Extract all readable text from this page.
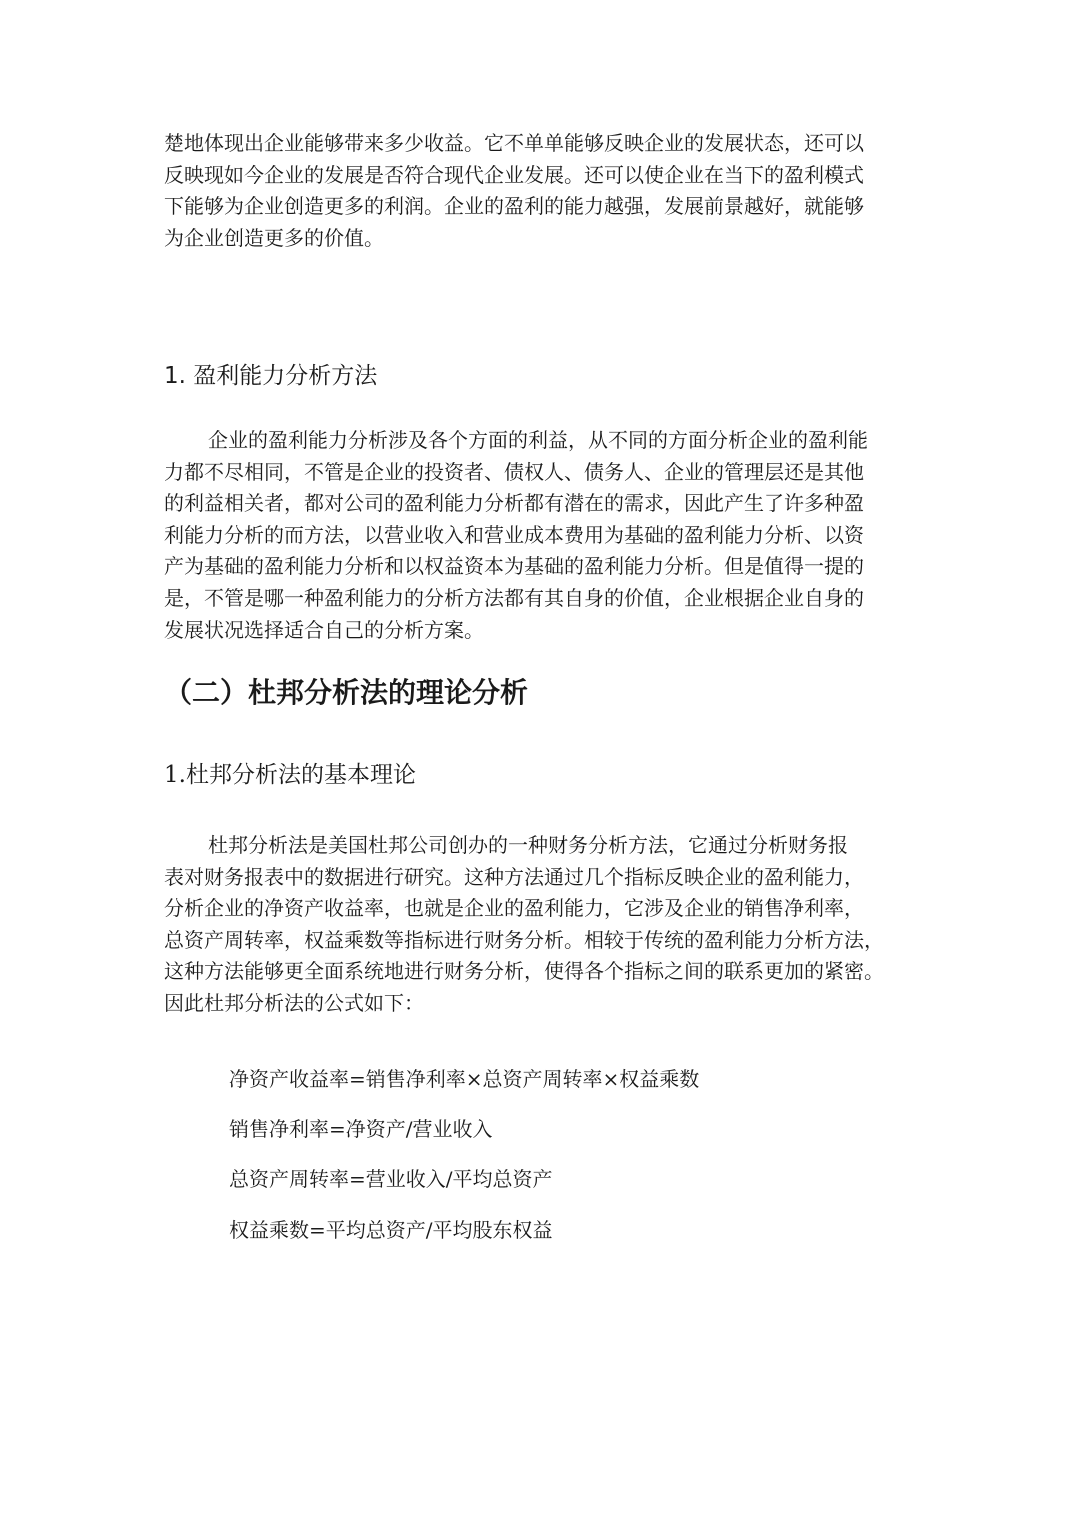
楚地体现出企业能够带来多少收益。它不单单能够反映企业的发展状态，还可以
反映现如今企业的发展是否符合现代企业发展。还可以使企业在当下的盈利模式
下能够为企业创造更多的利润。企业的盈利的能力越强，发展前景越好，就能够
为企业创造更多的价值。

1. 盈利能力分析方法

企业的盈利能力分析涉及各个方面的利益，从不同的方面分析企业的盈利能
力都不尽相同，不管是企业的投资者、债权人、债务人、企业的管理层还是其他
的利益相关者，都对公司的盈利能力分析都有潜在的需求，因此产生了许多种盈
利能力分析的而方法，以营业收入和营业成本费用为基础的盈利能力分析、以资
产为基础的盈利能力分析和以权益资本为基础的盈利能力分析。但是值得一提的
是，不管是哪一种盈利能力的分析方法都有其自身的价值，企业根据企业自身的
发展状况选择适合自己的分析方案。

（二）杜邦分析法的理论分析
1.杜邦分析法的基本理论

杜邦分析法是美国杜邦公司创办的一种财务分析方法，它通过分析财务报
表对财务报表中的数据进行研究。这种方法通过几个指标反映企业的盈利能力，
分析企业的净资产收益率，也就是企业的盈利能力，它涉及企业的销售净利率，
总资产周转率，权益乘数等指标进行财务分析。相较于传统的盈利能力分析方法，
这种方法能够更全面系统地进行财务分析，使得各个指标之间的联系更加的紧密。
因此杜邦分析法的公式如下：

净资产收益率=销售净利率×总资产周转率×权益乘数

销售净利率=净资产/营业收入

总资产周转率=营业收入/平均总资产

权益乘数=平均总资产/平均股东权益
